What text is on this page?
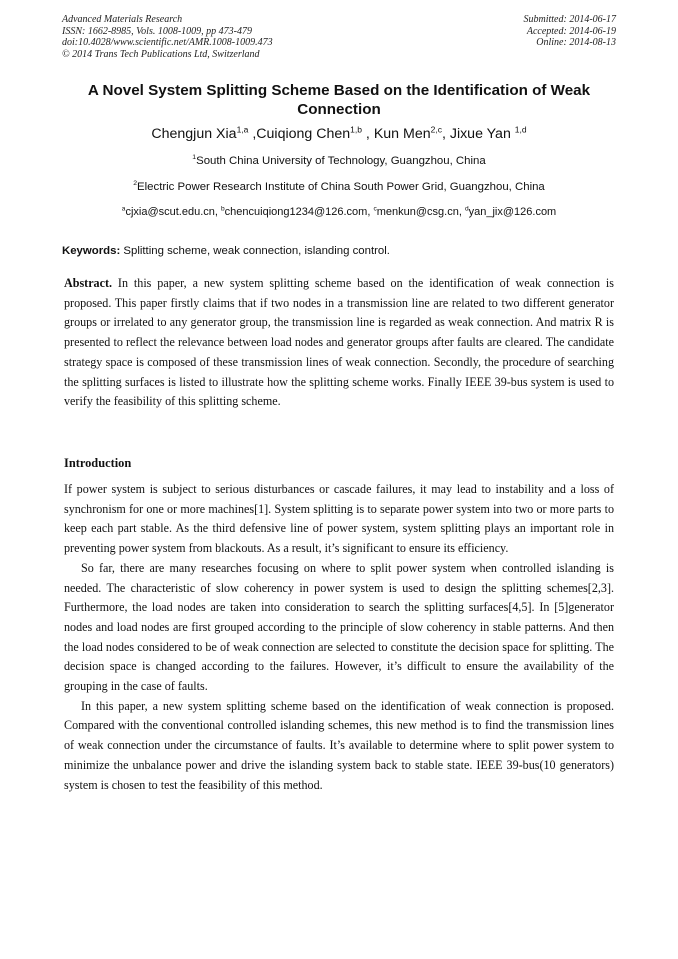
Advanced Materials Research
ISSN: 1662-8985, Vols. 1008-1009, pp 473-479
doi:10.4028/www.scientific.net/AMR.1008-1009.473
© 2014 Trans Tech Publications Ltd, Switzerland
Submitted: 2014-06-17
Accepted: 2014-06-19
Online: 2014-08-13
A Novel System Splitting Scheme Based on the Identification of Weak Connection
Chengjun Xia$^{1,a}$ ,Cuiqiong Chen$^{1,b}$ , Kun Men$^{2,c}$, Jixue Yan $^{1,d}$
$^1$South China University of Technology, Guangzhou, China
$^2$Electric Power Research Institute of China South Power Grid, Guangzhou, China
$^a$cjxia@scut.edu.cn, $^b$chencuiqiong1234@126.com, $^c$menkun@csg.cn, $^d$yan_jix@126.com
Keywords: Splitting scheme, weak connection, islanding control.
Abstract. In this paper, a new system splitting scheme based on the identification of weak connection is proposed. This paper firstly claims that if two nodes in a transmission line are related to two different generator groups or irrelated to any generator group, the transmission line is regarded as weak connection. And matrix R is presented to reflect the relevance between load nodes and generator groups after faults are cleared. The candidate strategy space is composed of these transmission lines of weak connection. Secondly, the procedure of searching the splitting surfaces is listed to illustrate how the splitting scheme works. Finally IEEE 39-bus system is used to verify the feasibility of this splitting scheme.
Introduction

If power system is subject to serious disturbances or cascade failures, it may lead to instability and a loss of synchronism for one or more machines[1]. System splitting is to separate power system into two or more parts to keep each part stable. As the third defensive line of power system, system splitting plays an important role in preventing power system from blackouts. As a result, it’s significant to ensure its efficiency.

So far, there are many researches focusing on where to split power system when controlled islanding is needed. The characteristic of slow coherency in power system is used to design the splitting schemes[2,3]. Furthermore, the load nodes are taken into consideration to search the splitting surfaces[4,5]. In [5]generator nodes and load nodes are first grouped according to the principle of slow coherency in stable patterns. And then the load nodes considered to be of weak connection are selected to constitute the decision space for splitting. The decision space is changed according to the failures. However, it’s difficult to ensure the availability of the grouping in the case of faults.

In this paper, a new system splitting scheme based on the identification of weak connection is proposed. Compared with the conventional controlled islanding schemes, this new method is to find the transmission lines of weak connection under the circumstance of faults. It’s available to determine where to split power system to minimize the unbalance power and drive the islanding system back to stable state. IEEE 39-bus(10 generators) system is chosen to test the feasibility of this method.
